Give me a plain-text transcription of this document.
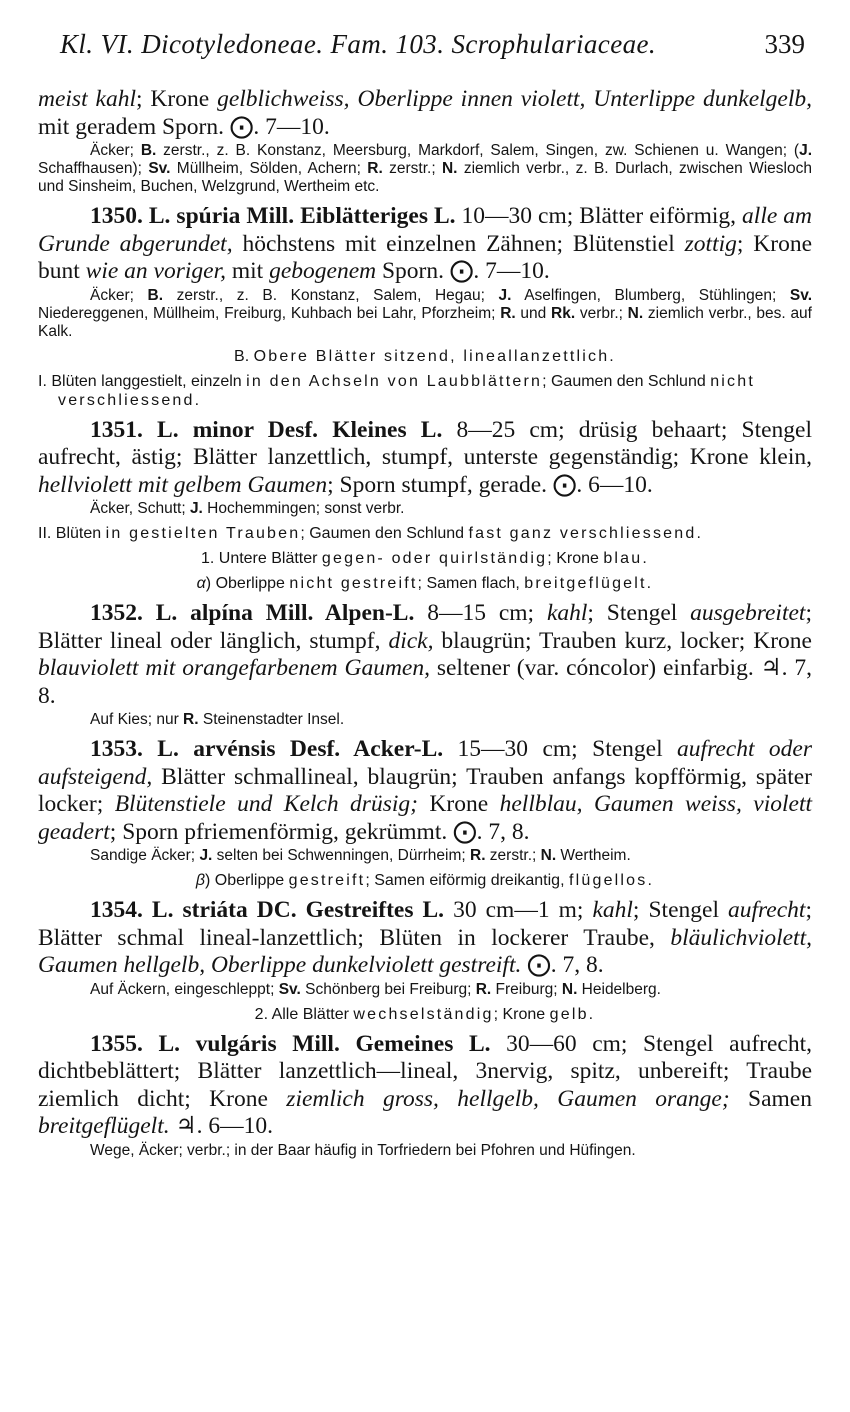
Kl. VI. Dicotyledoneae. Fam. 103. Scrophulariaceae.	339

meist kahl; Krone gelblichweiss, Oberlippe innen violett, Unterlippe dunkelgelb, mit geradem Sporn. ⨀. 7—10.

Äcker; B. zerstr., z. B. Konstanz, Meersburg, Markdorf, Salem, Singen, zw. Schienen u. Wangen; (J. Schaffhausen); Sv. Müllheim, Sölden, Achern; R. zerstr.; N. ziemlich verbr., z. B. Durlach, zwischen Wiesloch und Sinsheim, Buchen, Welzgrund, Wertheim etc.

1350. L. spúria Mill. Eiblätteriges L. 10—30 cm; Blätter eiförmig, alle am Grunde abgerundet, höchstens mit einzelnen Zähnen; Blütenstiel zottig; Krone bunt wie an voriger, mit gebogenem Sporn. ⨀. 7—10.

Äcker; B. zerstr., z. B. Konstanz, Salem, Hegau; J. Aselfingen, Blumberg, Stühlingen; Sv. Niedereggenen, Müllheim, Freiburg, Kuhbach bei Lahr, Pforzheim; R. und Rk. verbr.; N. ziemlich verbr., bes. auf Kalk.

B. Obere Blätter sitzend, lineallanzettlich.

I. Blüten langgestielt, einzeln in den Achseln von Laubblättern; Gaumen den Schlund nicht verschliessend.

1351. L. minor Desf. Kleines L. 8—25 cm; drüsig behaart; Stengel aufrecht, ästig; Blätter lanzettlich, stumpf, unterste gegenständig; Krone klein, hellviolett mit gelbem Gaumen; Sporn stumpf, gerade. ⨀. 6—10.

Äcker, Schutt; J. Hochemmingen; sonst verbr.

II. Blüten in gestielten Trauben; Gaumen den Schlund fast ganz verschliessend.

1. Untere Blätter gegen- oder quirlständig; Krone blau.

α) Oberlippe nicht gestreift; Samen flach, breitgeflügelt.

1352. L. alpína Mill. Alpen-L. 8—15 cm; kahl; Stengel ausgebreitet; Blätter lineal oder länglich, stumpf, dick, blaugrün; Trauben kurz, locker; Krone blauviolett mit orangefarbenem Gaumen, seltener (var. cóncolor) einfarbig. ♃. 7, 8.

Auf Kies; nur R. Steinenstadter Insel.

1353. L. arvénsis Desf. Acker-L. 15—30 cm; Stengel aufrecht oder aufsteigend, Blätter schmallineal, blaugrün; Trauben anfangs kopfförmig, später locker; Blütenstiele und Kelch drüsig; Krone hellblau, Gaumen weiss, violett geadert; Sporn pfriemenförmig, gekrümmt. ⨀. 7, 8.

Sandige Äcker; J. selten bei Schwenningen, Dürrheim; R. zerstr.; N. Wertheim.

β) Oberlippe gestreift; Samen eiförmig dreikantig, flügellos.

1354. L. striáta DC. Gestreiftes L. 30 cm—1 m; kahl; Stengel aufrecht; Blätter schmal lineal-lanzettlich; Blüten in lockerer Traube, bläulichviolett, Gaumen hellgelb, Oberlippe dunkelviolett gestreift. ⨀. 7, 8.

Auf Äckern, eingeschleppt; Sv. Schönberg bei Freiburg; R. Freiburg; N. Heidelberg.

2. Alle Blätter wechselständig; Krone gelb.

1355. L. vulgáris Mill. Gemeines L. 30—60 cm; Stengel aufrecht, dichtbeblättert; Blätter lanzettlich—lineal, 3nervig, spitz, unbereift; Traube ziemlich dicht; Krone ziemlich gross, hellgelb, Gaumen orange; Samen breitgeflügelt. ♃. 6—10.

Wege, Äcker; verbr.; in der Baar häufig in Torfriedern bei Pfohren und Hüfingen.
